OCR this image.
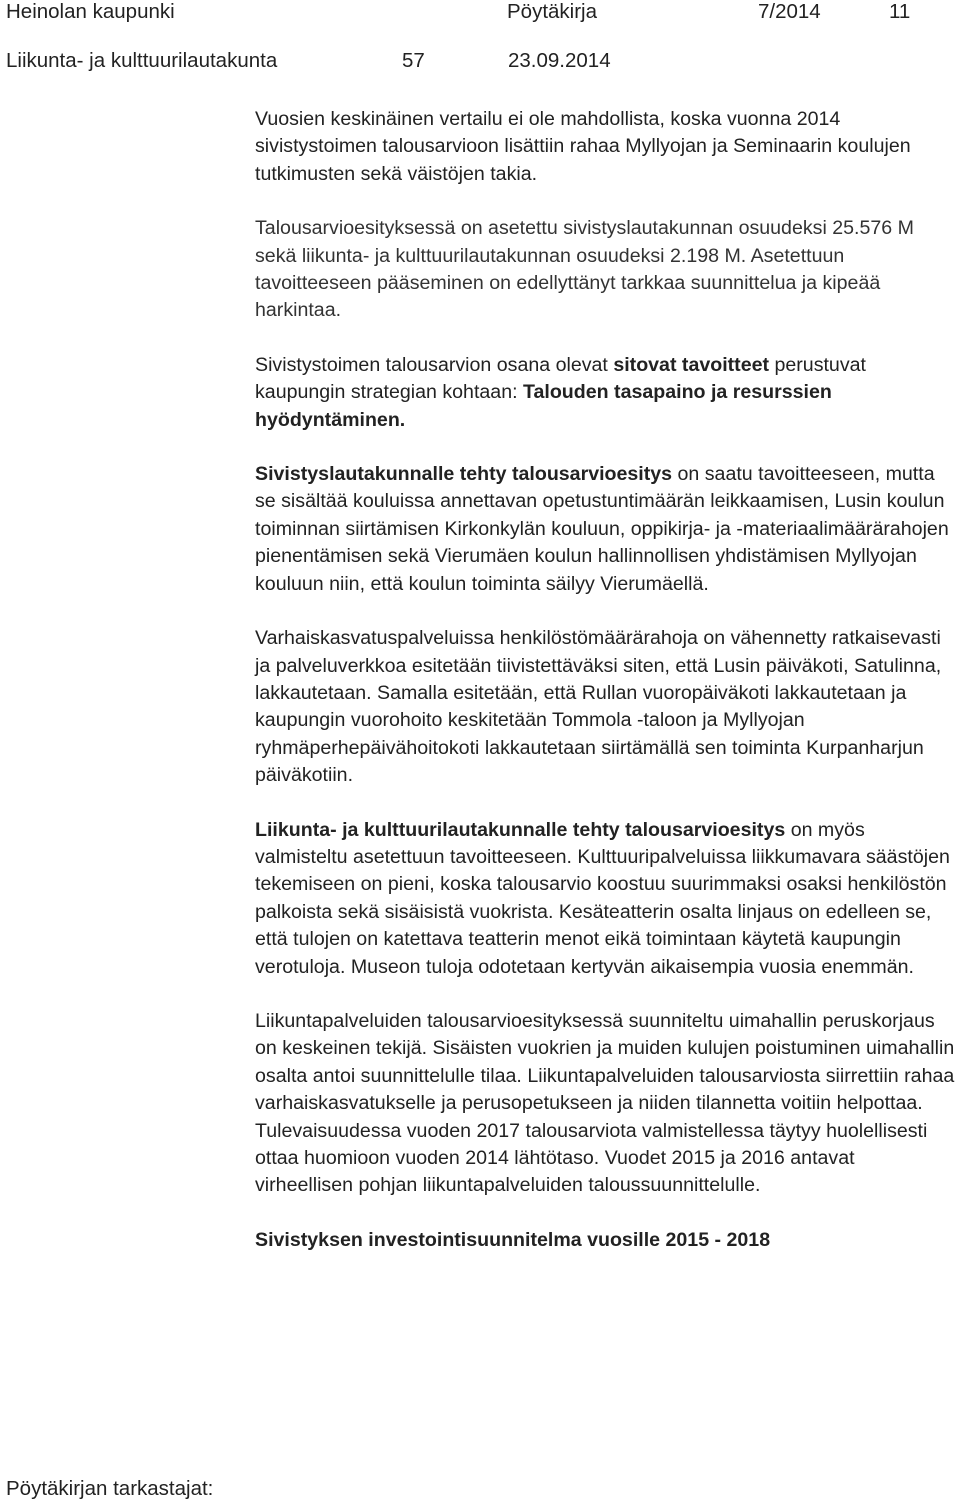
Heinolan kaupunki	Pöytäkirja	7/2014	11
Liikunta- ja kulttuurilautakunta	57	23.09.2014

Vuosien keskinäinen vertailu ei ole mahdollista, koska vuonna 2014 sivistystoimen talousarvioon lisättiin rahaa Myllyojan ja Seminaarin koulujen tutkimusten sekä väistöjen takia.

Talousarvioesityksessä on asetettu sivistyslautakunnan osuudeksi 25.576 M sekä liikunta- ja kulttuurilautakunnan osuudeksi 2.198 M. Asetettuun tavoitteeseen pääseminen on edellyttänyt tarkkaa suunnittelua ja kipeää harkintaa.

Sivistystoimen talousarvion osana olevat sitovat tavoitteet perustuvat kaupungin strategian kohtaan: Talouden tasapaino ja resurssien hyödyntäminen.

Sivistyslautakunnalle tehty talousarvioesitys on saatu tavoitteeseen, mutta se sisältää kouluissa annettavan opetustuntimäärän leikkaamisen, Lusin koulun toiminnan siirtämisen Kirkonkylän kouluun, oppikirja- ja -materiaalimäärärahojen pienentämisen sekä Vierumäen koulun hallinnollisen yhdistämisen Myllyojan kouluun niin, että koulun toiminta säilyy Vierumäellä.

Varhaiskasvatuspalveluissa henkilöstömäärärahoja on vähennetty ratkaisevasti ja palveluverkkoa esitetään tiivistettäväksi siten, että Lusin päiväkoti, Satulinna, lakkautetaan. Samalla esitetään, että Rullan vuoropäiväkoti lakkautetaan ja kaupungin vuorohoito keskitetään Tommola -taloon ja Myllyojan ryhmäperhepäivähoitokoti lakkautetaan siirtämällä sen toiminta Kurpanharjun päiväkotiin.

Liikunta- ja kulttuurilautakunnalle tehty talousarvioesitys on myös valmisteltu asetettuun tavoitteeseen. Kulttuuripalveluissa liikkumavara säästöjen tekemiseen on pieni, koska talousarvio koostuu suurimmaksi osaksi henkilöstön palkoista sekä sisäisistä vuokrista. Kesäteatterin osalta linjaus on edelleen se, että tulojen on katettava teatterin menot eikä toimintaan käytetä kaupungin verotuloja. Museon tuloja odotetaan kertyvän aikaisempia vuosia enemmän.

Liikuntapalveluiden talousarvioesityksessä suunniteltu uimahallin peruskorjaus on keskeinen tekijä. Sisäisten vuokrien ja muiden kulujen poistuminen uimahallin osalta antoi suunnittelulle tilaa. Liikuntapalveluiden talousarviosta siirrettiin rahaa varhaiskasvatukselle ja perusopetukseen ja niiden tilannetta voitiin helpottaa. Tulevaisuudessa vuoden 2017 talousarviota valmistellessa täytyy huolellisesti ottaa huomioon vuoden 2014 lähtötaso. Vuodet 2015 ja 2016 antavat virheellisen pohjan liikuntapalveluiden taloussuunnittelulle.

Sivistyksen investointisuunnitelma vuosille 2015 - 2018

Pöytäkirjan tarkastajat:
